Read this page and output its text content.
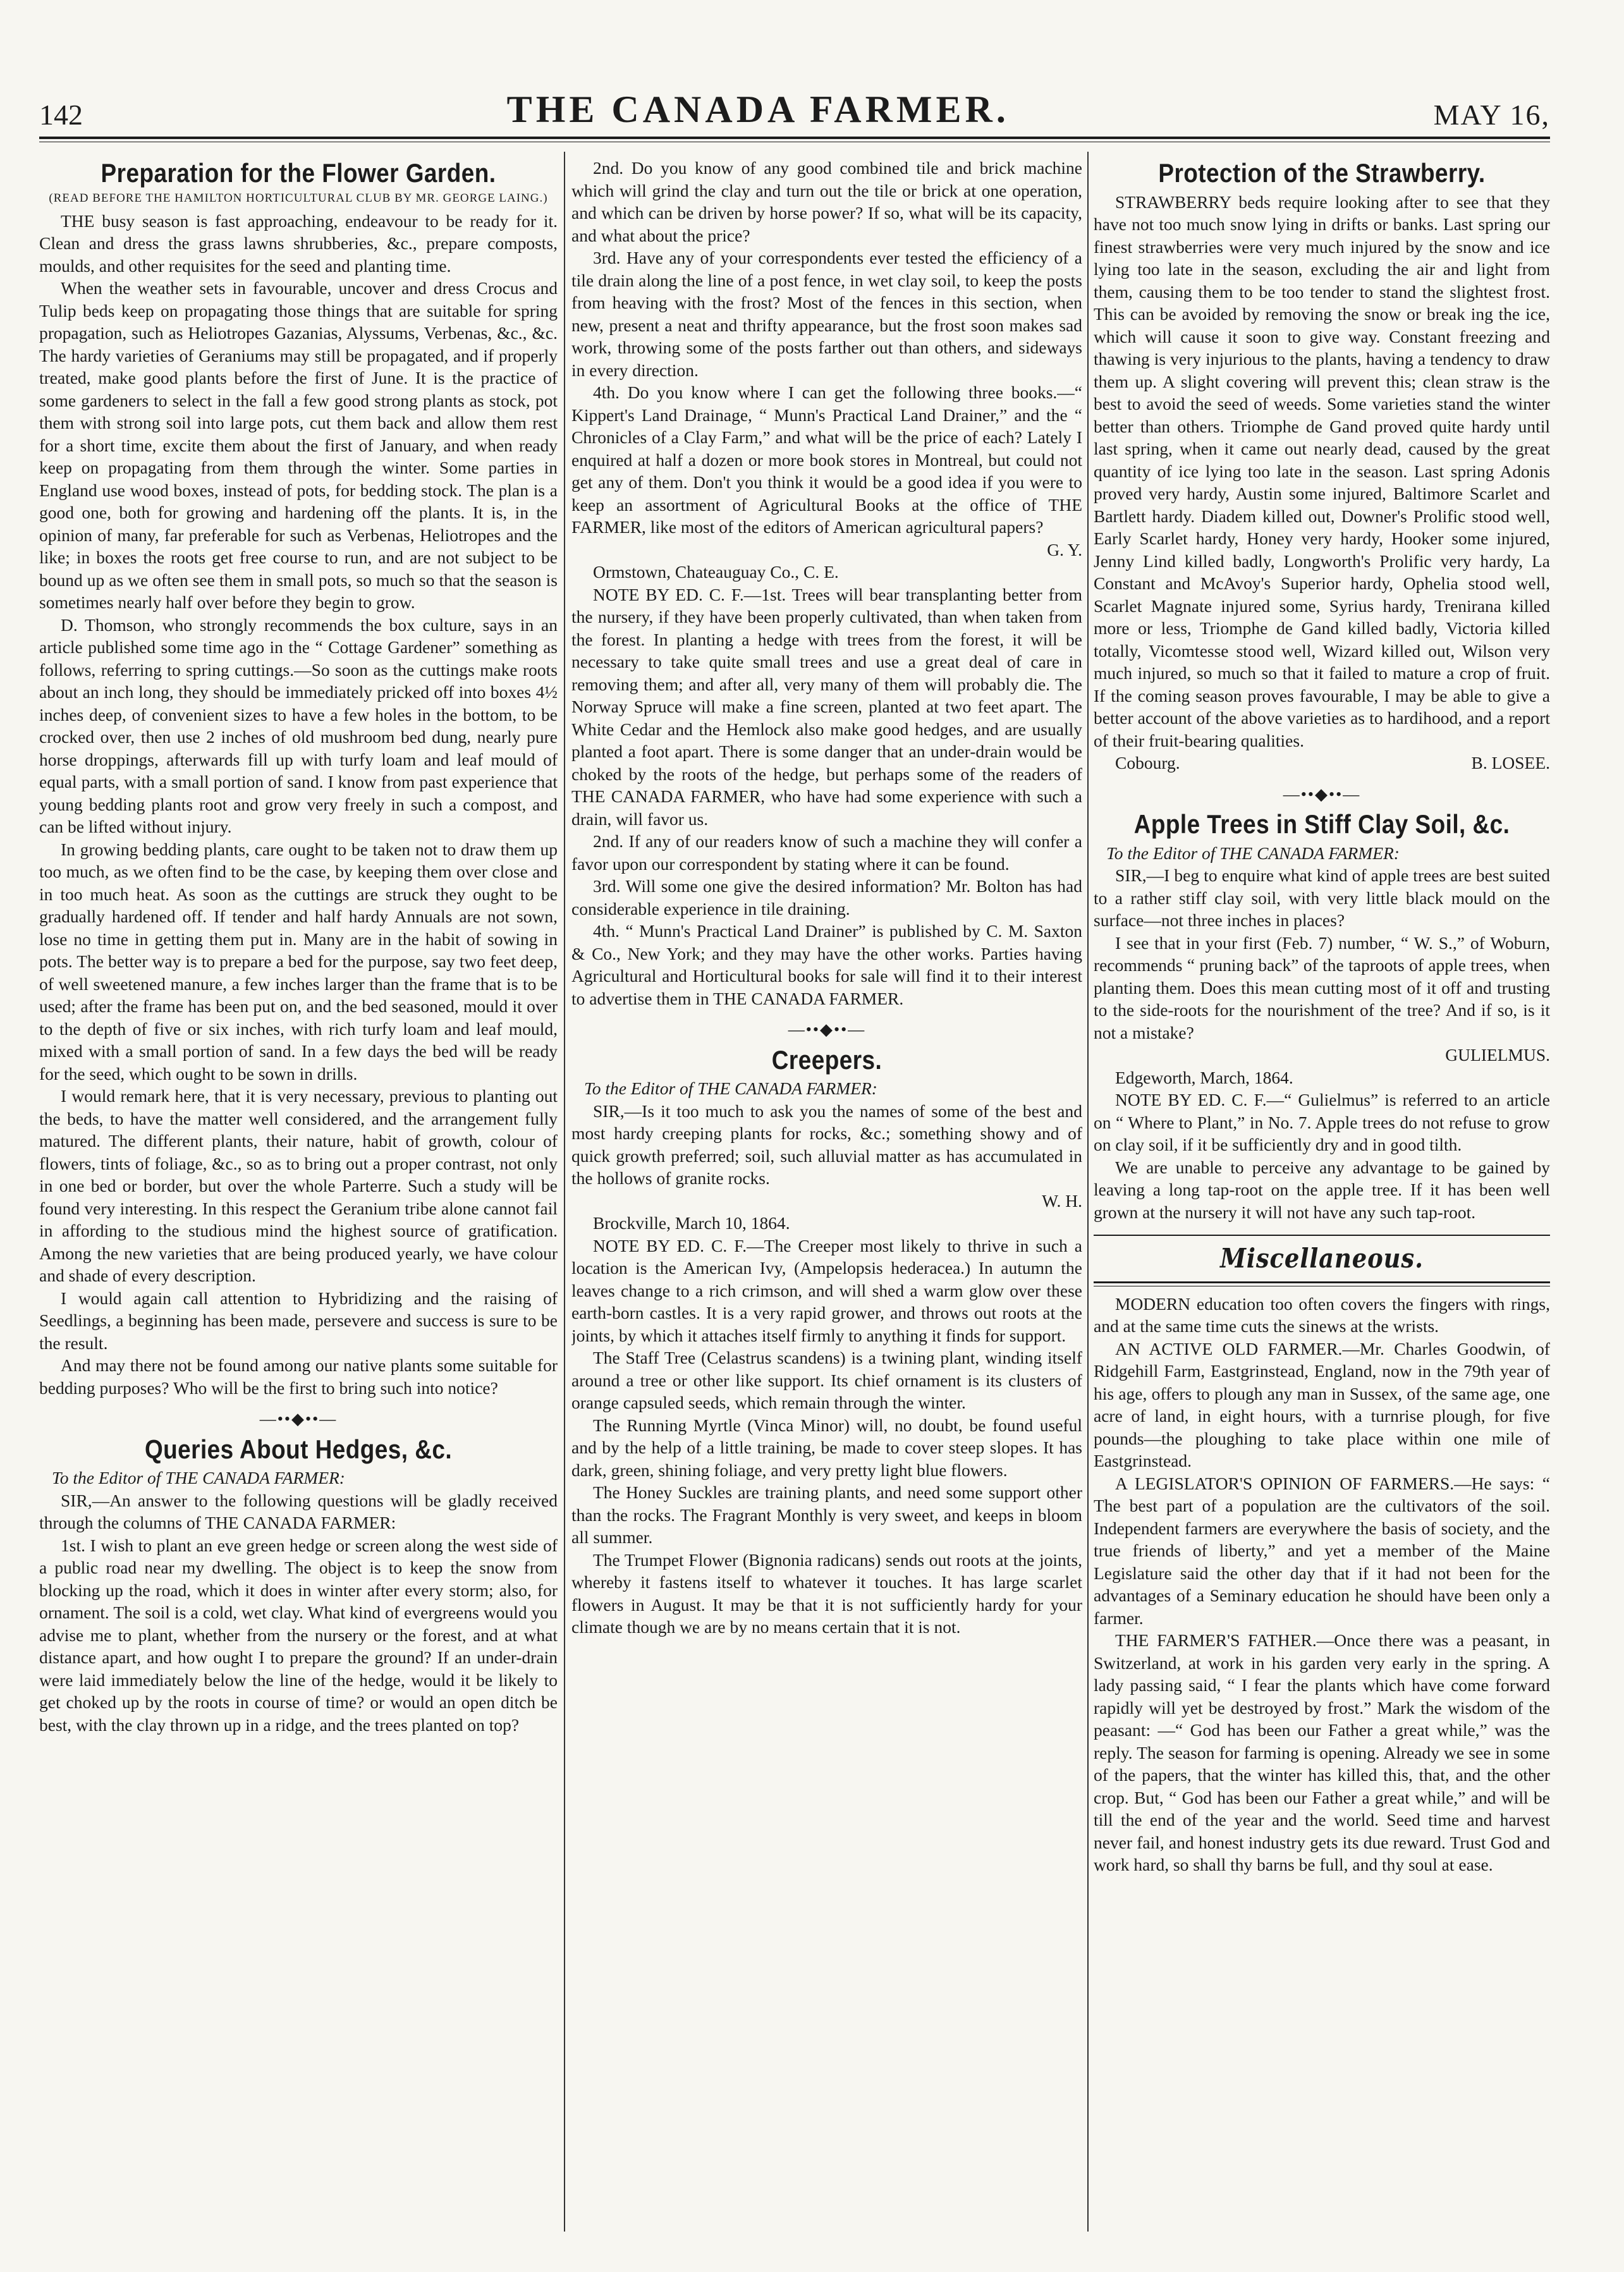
142	THE CANADA FARMER.	MAY 16,
Preparation for the Flower Garden.
(READ BEFORE THE HAMILTON HORTICULTURAL CLUB BY MR. GEORGE LAING.)

THE busy season is fast approaching, endeavour to be ready for it. Clean and dress the grass lawns shrubberies, &c., prepare composts, moulds, and other requisites for the seed and planting time.

When the weather sets in favourable, uncover and dress Crocus and Tulip beds keep on propagating those things that are suitable for spring propagation, such as Heliotropes Gazanias, Alyssums, Verbenas, &c., &c. The hardy varieties of Geraniums may still be propagated, and if properly treated, make good plants before the first of June. It is the practice of some gardeners to select in the fall a few good strong plants as stock, pot them with strong soil into large pots, cut them back and allow them rest for a short time, excite them about the first of January, and when ready keep on propagating from them through the winter. Some parties in England use wood boxes, instead of pots, for bedding stock. The plan is a good one, both for growing and hardening off the plants. It is, in the opinion of many, far preferable for such as Verbenas, Heliotropes and the like; in boxes the roots get free course to run, and are not subject to be bound up as we often see them in small pots, so much so that the season is sometimes nearly half over before they begin to grow.

D. Thomson, who strongly recommends the box culture, says in an article published some time ago in the “ Cottage Gardener” something as follows, referring to spring cuttings.—So soon as the cuttings make roots about an inch long, they should be immediately pricked off into boxes 4½ inches deep, of convenient sizes to have a few holes in the bottom, to be crocked over, then use 2 inches of old mushroom bed dung, nearly pure horse droppings, afterwards fill up with turfy loam and leaf mould of equal parts, with a small portion of sand. I know from past experience that young bedding plants root and grow very freely in such a compost, and can be lifted without injury.

In growing bedding plants, care ought to be taken not to draw them up too much, as we often find to be the case, by keeping them over close and in too much heat. As soon as the cuttings are struck they ought to be gradually hardened off. If tender and half hardy Annuals are not sown, lose no time in getting them put in. Many are in the habit of sowing in pots. The better way is to prepare a bed for the purpose, say two feet deep, of well sweetened manure, a few inches larger than the frame that is to be used; after the frame has been put on, and the bed seasoned, mould it over to the depth of five or six inches, with rich turfy loam and leaf mould, mixed with a small portion of sand. In a few days the bed will be ready for the seed, which ought to be sown in drills.

I would remark here, that it is very necessary, previous to planting out the beds, to have the matter well considered, and the arrangement fully matured. The different plants, their nature, habit of growth, colour of flowers, tints of foliage, &c., so as to bring out a proper contrast, not only in one bed or border, but over the whole Parterre. Such a study will be found very interesting. In this respect the Geranium tribe alone cannot fail in affording to the studious mind the highest source of gratification. Among the new varieties that are being produced yearly, we have colour and shade of every description.

I would again call attention to Hybridizing and the raising of Seedlings, a beginning has been made, persevere and success is sure to be the result.

And may there not be found among our native plants some suitable for bedding purposes? Who will be the first to bring such into notice?

—••◆••—
Queries About Hedges, &c.

To the Editor of THE CANADA FARMER:

SIR,—An answer to the following questions will be gladly received through the columns of THE CANADA FARMER:

1st. I wish to plant an eve green hedge or screen along the west side of a public road near my dwelling. The object is to keep the snow from blocking up the road, which it does in winter after every storm; also, for ornament. The soil is a cold, wet clay. What kind of evergreens would you advise me to plant, whether from the nursery or the forest, and at what distance apart, and how ought I to prepare the ground? If an under-drain were laid immediately below the line of the hedge, would it be likely to get choked up by the roots in course of time? or would an open ditch be best, with the clay thrown up in a ridge, and the trees planted on top?

2nd. Do you know of any good combined tile and brick machine which will grind the clay and turn out the tile or brick at one operation, and which can be driven by horse power? If so, what will be its capacity, and what about the price?

3rd. Have any of your correspondents ever tested the efficiency of a tile drain along the line of a post fence, in wet clay soil, to keep the posts from heaving with the frost? Most of the fences in this section, when new, present a neat and thrifty appearance, but the frost soon makes sad work, throwing some of the posts farther out than others, and sideways in every direction.

4th. Do you know where I can get the following three books.—“ Kippert's Land Drainage, “ Munn's Practical Land Drainer,” and the “ Chronicles of a Clay Farm,” and what will be the price of each? Lately I enquired at half a dozen or more book stores in Montreal, but could not get any of them. Don't you think it would be a good idea if you were to keep an assortment of Agricultural Books at the office of THE FARMER, like most of the editors of American agricultural papers?

G. Y.

Ormstown, Chateauguay Co., C. E.

NOTE BY ED. C. F.—1st. Trees will bear transplanting better from the nursery, if they have been properly cultivated, than when taken from the forest. In planting a hedge with trees from the forest, it will be necessary to take quite small trees and use a great deal of care in removing them; and after all, very many of them will probably die. The Norway Spruce will make a fine screen, planted at two feet apart. The White Cedar and the Hemlock also make good hedges, and are usually planted a foot apart. There is some danger that an under-drain would be choked by the roots of the hedge, but perhaps some of the readers of THE CANADA FARMER, who have had some experience with such a drain, will favor us.

2nd. If any of our readers know of such a machine they will confer a favor upon our correspondent by stating where it can be found.

3rd. Will some one give the desired information? Mr. Bolton has had considerable experience in tile draining.

4th. “ Munn's Practical Land Drainer” is published by C. M. Saxton & Co., New York; and they may have the other works. Parties having Agricultural and Horticultural books for sale will find it to their interest to advertise them in THE CANADA FARMER.

—••◆••—
Creepers.

To the Editor of THE CANADA FARMER:

SIR,—Is it too much to ask you the names of some of the best and most hardy creeping plants for rocks, &c.; something showy and of quick growth preferred; soil, such alluvial matter as has accumulated in the hollows of granite rocks.

W. H.

Brockville, March 10, 1864.

NOTE BY ED. C. F.—The Creeper most likely to thrive in such a location is the American Ivy, (Ampelopsis hederacea.) In autumn the leaves change to a rich crimson, and will shed a warm glow over these earth-born castles. It is a very rapid grower, and throws out roots at the joints, by which it attaches itself firmly to anything it finds for support.

The Staff Tree (Celastrus scandens) is a twining plant, winding itself around a tree or other like support. Its chief ornament is its clusters of orange capsuled seeds, which remain through the winter.

The Running Myrtle (Vinca Minor) will, no doubt, be found useful and by the help of a little training, be made to cover steep slopes. It has dark, green, shining foliage, and very pretty light blue flowers.

The Honey Suckles are training plants, and need some support other than the rocks. The Fragrant Monthly is very sweet, and keeps in bloom all summer.

The Trumpet Flower (Bignonia radicans) sends out roots at the joints, whereby it fastens itself to whatever it touches. It has large scarlet flowers in August. It may be that it is not sufficiently hardy for your climate though we are by no means certain that it is not.

Protection of the Strawberry.

STRAWBERRY beds require looking after to see that they have not too much snow lying in drifts or banks. Last spring our finest strawberries were very much injured by the snow and ice lying too late in the season, excluding the air and light from them, causing them to be too tender to stand the slightest frost. This can be avoided by removing the snow or break ing the ice, which will cause it soon to give way. Constant freezing and thawing is very injurious to the plants, having a tendency to draw them up. A slight covering will prevent this; clean straw is the best to avoid the seed of weeds. Some varieties stand the winter better than others. Triomphe de Gand proved quite hardy until last spring, when it came out nearly dead, caused by the great quantity of ice lying too late in the season. Last spring Adonis proved very hardy, Austin some injured, Baltimore Scarlet and Bartlett hardy. Diadem killed out, Downer's Prolific stood well, Early Scarlet hardy, Honey very hardy, Hooker some injured, Jenny Lind killed badly, Longworth's Prolific very hardy, La Constant and McAvoy's Superior hardy, Ophelia stood well, Scarlet Magnate injured some, Syrius hardy, Trenirana killed more or less, Triomphe de Gand killed badly, Victoria killed totally, Vicomtesse stood well, Wizard killed out, Wilson very much injured, so much so that it failed to mature a crop of fruit. If the coming season proves favourable, I may be able to give a better account of the above varieties as to hardihood, and a report of their fruit-bearing qualities.

Cobourg.	B. LOSEE.

—••◆••—
Apple Trees in Stiff Clay Soil, &c.

To the Editor of THE CANADA FARMER:

SIR,—I beg to enquire what kind of apple trees are best suited to a rather stiff clay soil, with very little black mould on the surface—not three inches in places?

I see that in your first (Feb. 7) number, “ W. S.,” of Woburn, recommends “ pruning back” of the taproots of apple trees, when planting them. Does this mean cutting most of it off and trusting to the side-roots for the nourishment of the tree? And if so, is it not a mistake?

GULIELMUS.

Edgeworth, March, 1864.

NOTE BY ED. C. F.—“ Gulielmus” is referred to an article on “ Where to Plant,” in No. 7. Apple trees do not refuse to grow on clay soil, if it be sufficiently dry and in good tilth.

We are unable to perceive any advantage to be gained by leaving a long tap-root on the apple tree. If it has been well grown at the nursery it will not have any such tap-root.

Miscellaneous.

MODERN education too often covers the fingers with rings, and at the same time cuts the sinews at the wrists.

AN ACTIVE OLD FARMER.—Mr. Charles Goodwin, of Ridgehill Farm, Eastgrinstead, England, now in the 79th year of his age, offers to plough any man in Sussex, of the same age, one acre of land, in eight hours, with a turnrise plough, for five pounds—the ploughing to take place within one mile of Eastgrinstead.

A LEGISLATOR'S OPINION OF FARMERS.—He says: “ The best part of a population are the cultivators of the soil. Independent farmers are everywhere the basis of society, and the true friends of liberty,” and yet a member of the Maine Legislature said the other day that if it had not been for the advantages of a Seminary education he should have been only a farmer.

THE FARMER'S FATHER.—Once there was a peasant, in Switzerland, at work in his garden very early in the spring. A lady passing said, “ I fear the plants which have come forward rapidly will yet be destroyed by frost.” Mark the wisdom of the peasant: —“ God has been our Father a great while,” was the reply. The season for farming is opening. Already we see in some of the papers, that the winter has killed this, that, and the other crop. But, “ God has been our Father a great while,” and will be till the end of the year and the world. Seed time and harvest never fail, and honest industry gets its due reward. Trust God and work hard, so shall thy barns be full, and thy soul at ease.
